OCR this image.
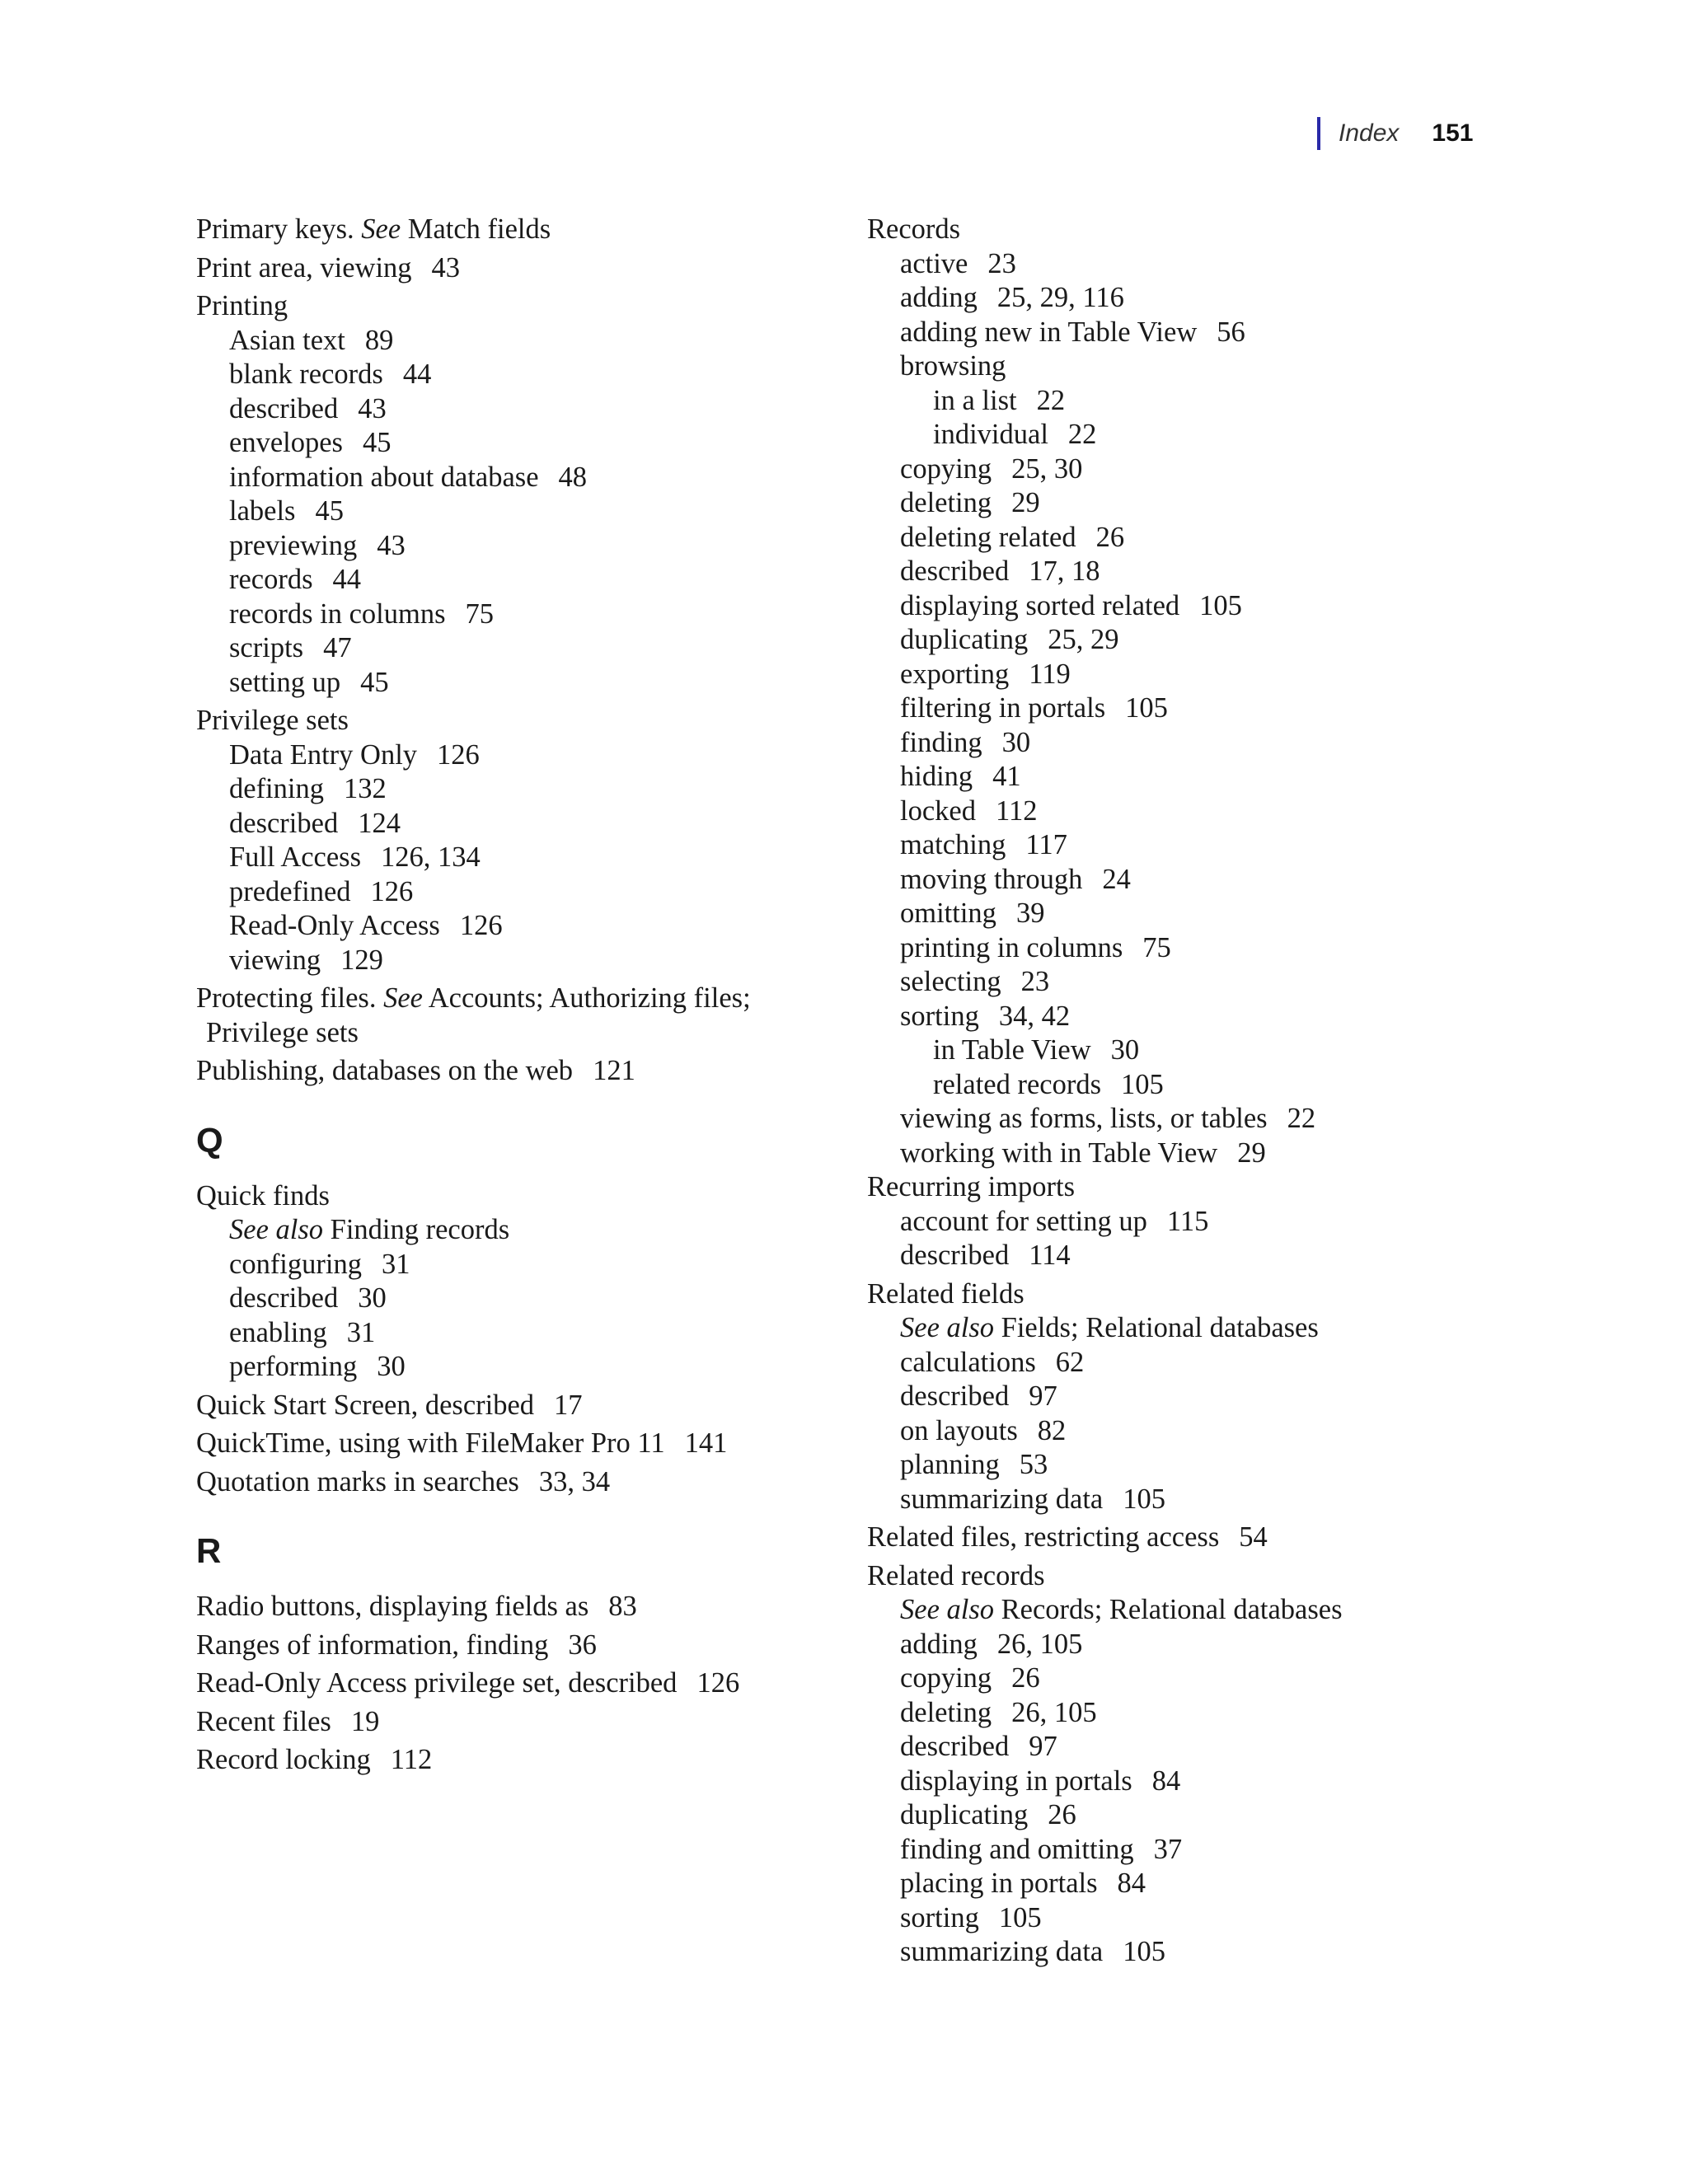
Index 151
Primary keys. See Match fields
Print area, viewing 43
Printing
Asian text 89
blank records 44
described 43
envelopes 45
information about database 48
labels 45
previewing 43
records 44
records in columns 75
scripts 47
setting up 45
Privilege sets
Data Entry Only 126
defining 132
described 124
Full Access 126, 134
predefined 126
Read-Only Access 126
viewing 129
Protecting files. See Accounts; Authorizing files;
Privilege sets
Publishing, databases on the web 121
Q
Quick finds
See also Finding records
configuring 31
described 30
enabling 31
performing 30
Quick Start Screen, described 17
QuickTime, using with FileMaker Pro 11 141
Quotation marks in searches 33, 34
R
Radio buttons, displaying fields as 83
Ranges of information, finding 36
Read-Only Access privilege set, described 126
Recent files 19
Record locking 112
Records
active 23
adding 25, 29, 116
adding new in Table View 56
browsing
in a list 22
individual 22
copying 25, 30
deleting 29
deleting related 26
described 17, 18
displaying sorted related 105
duplicating 25, 29
exporting 119
filtering in portals 105
finding 30
hiding 41
locked 112
matching 117
moving through 24
omitting 39
printing in columns 75
selecting 23
sorting 34, 42
in Table View 30
related records 105
viewing as forms, lists, or tables 22
working with in Table View 29
Recurring imports
account for setting up 115
described 114
Related fields
See also Fields; Relational databases
calculations 62
described 97
on layouts 82
planning 53
summarizing data 105
Related files, restricting access 54
Related records
See also Records; Relational databases
adding 26, 105
copying 26
deleting 26, 105
described 97
displaying in portals 84
duplicating 26
finding and omitting 37
placing in portals 84
sorting 105
summarizing data 105
